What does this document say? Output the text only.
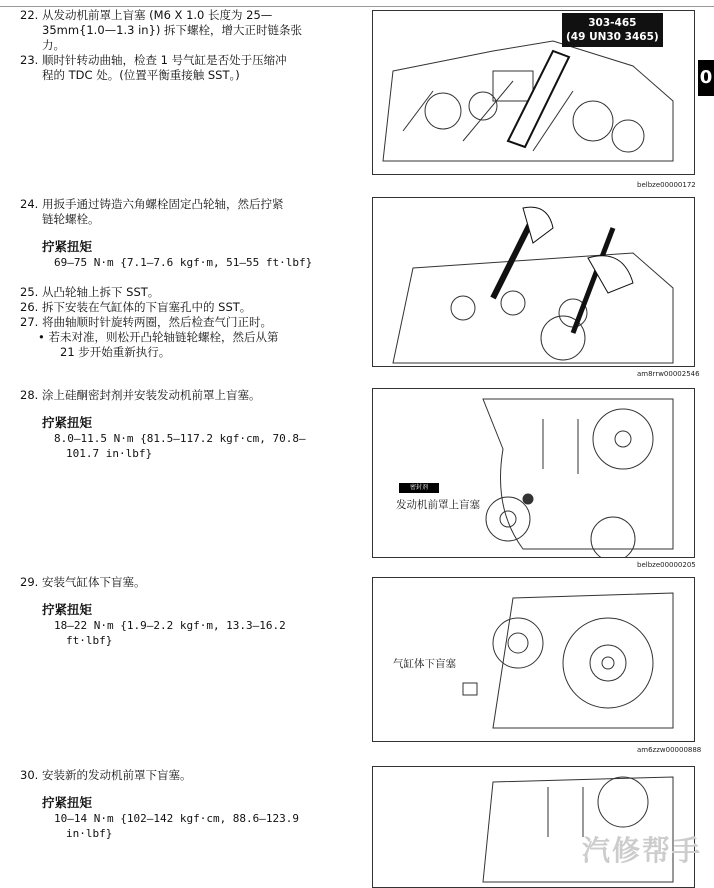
0
22. 从发动机前罩上盲塞 (M6 X 1.0 长度为 25—
35mm{1.0—1.3 in}) 拆下螺栓，增大正时链条张
力。
23. 顺时针转动曲轴，检查 1 号气缸是否处于压缩冲
程的 TDC 处。(位置平衡重接触 SST。)
303-465
(49 UN30 3465)
belbze00000172
24. 用扳手通过铸造六角螺栓固定凸轮轴，然后拧紧
链轮螺栓。
拧紧扭矩
69—75 N·m {7.1—7.6 kgf·m, 51—55 ft·lbf}
25. 从凸轮轴上拆下 SST。
26. 拆下安装在气缸体的下盲塞孔中的 SST。
27. 将曲轴顺时针旋转两圈，然后检查气门正时。
• 若未对准，则松开凸轮轴链轮螺栓，然后从第
21 步开始重新执行。
am8rrw00002546
28. 涂上硅酮密封剂并安装发动机前罩上盲塞。
拧紧扭矩
8.0—11.5 N·m {81.5—117.2 kgf·cm, 70.8—
101.7 in·lbf}
密封剂
发动机前罩上盲塞
belbze00000205
29. 安装气缸体下盲塞。
拧紧扭矩
18—22 N·m {1.9—2.2 kgf·m, 13.3—16.2
ft·lbf}
气缸体下盲塞
am6zzw00000888
30. 安装新的发动机前罩下盲塞。
拧紧扭矩
10—14 N·m {102—142 kgf·cm, 88.6—123.9
in·lbf}
汽修帮手
